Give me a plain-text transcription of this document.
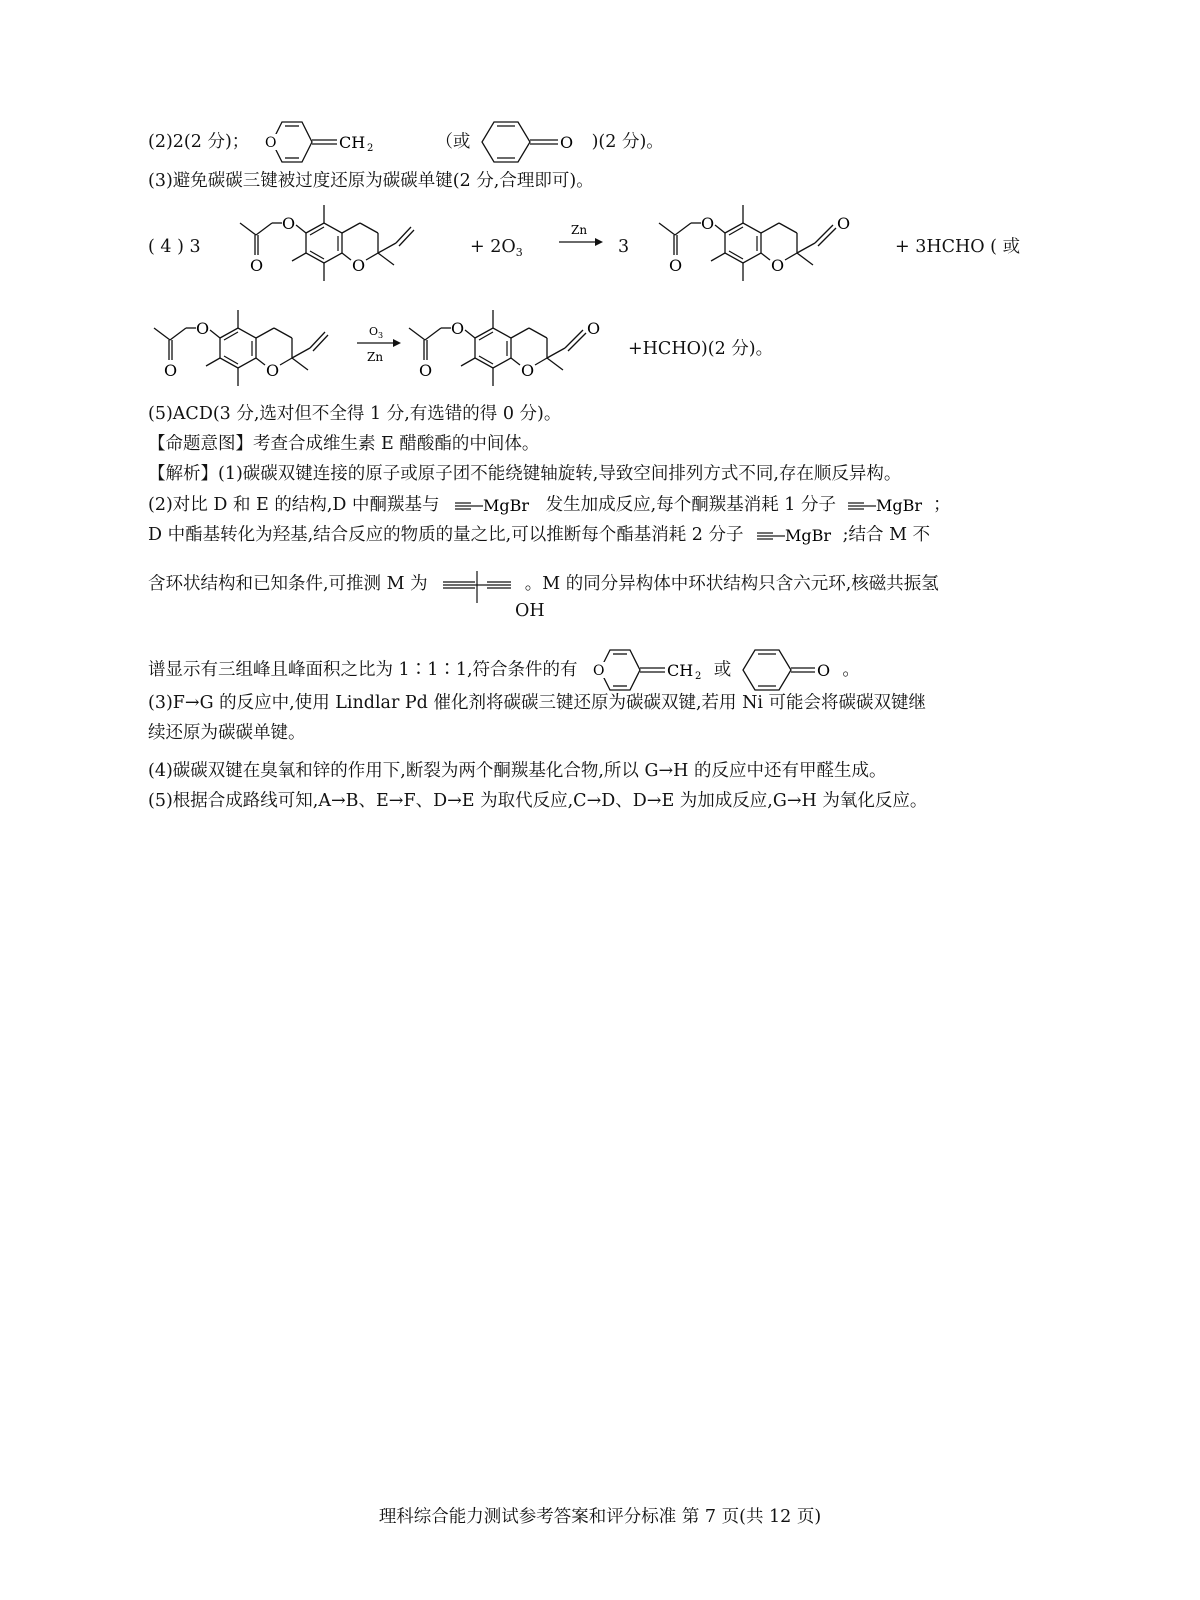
(2)2(2 分)； O	CH 2	（或	O )(2 分)。
(3)避免碳碳三键被过度还原为碳碳单键(2 分,合理即可)。
( 4 ) 3
O
O
O
+ $2O_3$
Zn
3
O
O
O
O
+ 3HCHO ( 或
O
O
O
O 3
Zn
O
O
O
O
+HCHO)(2 分)。
(5)ACD(3 分,选对但不全得 1 分,有选错的得 0 分)。
【命题意图】考查合成维生素 E 醋酸酯的中间体。
【解析】(1)碳碳双键连接的原子或原子团不能绕键轴旋转,导致空间排列方式不同,存在顺反异构。
(2)对比 D 和 E 的结构,D 中酮羰基与	MgBr 发生加成反应,每个酮羰基消耗 1 分子 MgBr ；
D 中酯基转化为羟基,结合反应的物质的量之比,可以推断每个酯基消耗 2 分子	MgBr ;结合 M 不
含环状结构和已知条件,可推测 M 为	。M 的同分异构体中环状结构只含六元环,核磁共振氢
OH
谱显示有三组峰且峰面积之比为 1∶1∶1,符合条件的有 O	CH 2 或	O 。
(3)F→G 的反应中,使用 Lindlar Pd 催化剂将碳碳三键还原为碳碳双键,若用 Ni 可能会将碳碳双键继
续还原为碳碳单键。
(4)碳碳双键在臭氧和锌的作用下,断裂为两个酮羰基化合物,所以 G→H 的反应中还有甲醛生成。
(5)根据合成路线可知,A→B、E→F、D→E 为取代反应,C→D、D→E 为加成反应,G→H 为氧化反应。
理科综合能力测试参考答案和评分标准 第 7 页(共 12 页)
